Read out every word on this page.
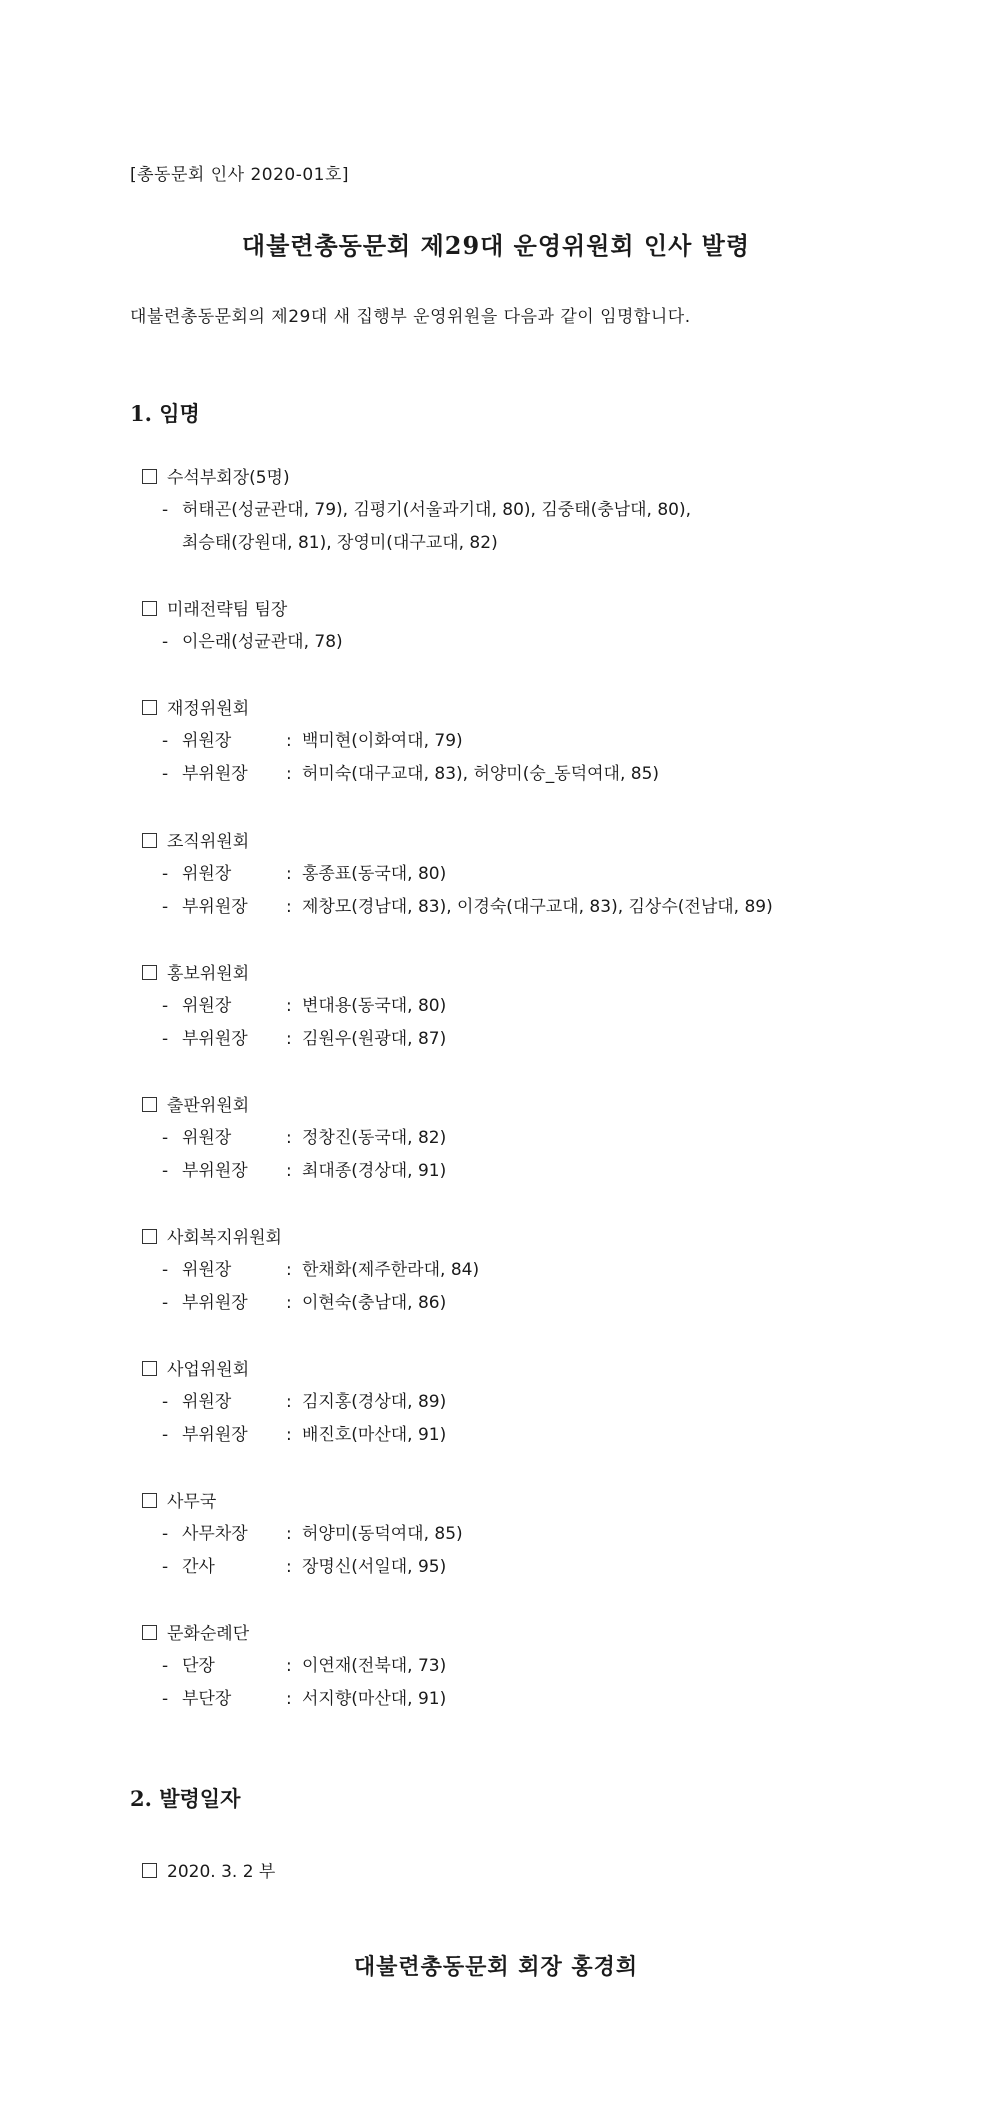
[총동문회 인사 2020-01호]
대불련총동문회 제29대 운영위원회 인사 발령
대불련총동문회의 제29대 새 집행부 운영위원을 다음과 같이 임명합니다.
1. 임명
수석부회장(5명)
- 허태곤(성균관대, 79), 김평기(서울과기대, 80), 김중태(충남대, 80),
최승태(강원대, 81), 장영미(대구교대, 82)
미래전략팀 팀장
- 이은래(성균관대, 78)
재정위원회
- 위원장	: 백미현(이화여대, 79)
- 부위원장 : 허미숙(대구교대, 83), 허양미(숭_동덕여대, 85)
조직위원회
- 위원장	: 홍종표(동국대, 80)
- 부위원장 : 제창모(경남대, 83), 이경숙(대구교대, 83), 김상수(전남대, 89)
홍보위원회
- 위원장	: 변대용(동국대, 80)
- 부위원장 : 김원우(원광대, 87)
출판위원회
- 위원장	: 정창진(동국대, 82)
- 부위원장 : 최대종(경상대, 91)
사회복지위원회
- 위원장	: 한채화(제주한라대, 84)
- 부위원장 : 이현숙(충남대, 86)
사업위원회
- 위원장	: 김지홍(경상대, 89)
- 부위원장 : 배진호(마산대, 91)
사무국
- 사무차장 : 허양미(동덕여대, 85)
- 간사	: 장명신(서일대, 95)
문화순례단
- 단장	: 이연재(전북대, 73)
- 부단장	: 서지향(마산대, 91)
2. 발령일자
2020. 3. 2 부
대불련총동문회 회장 홍경희
